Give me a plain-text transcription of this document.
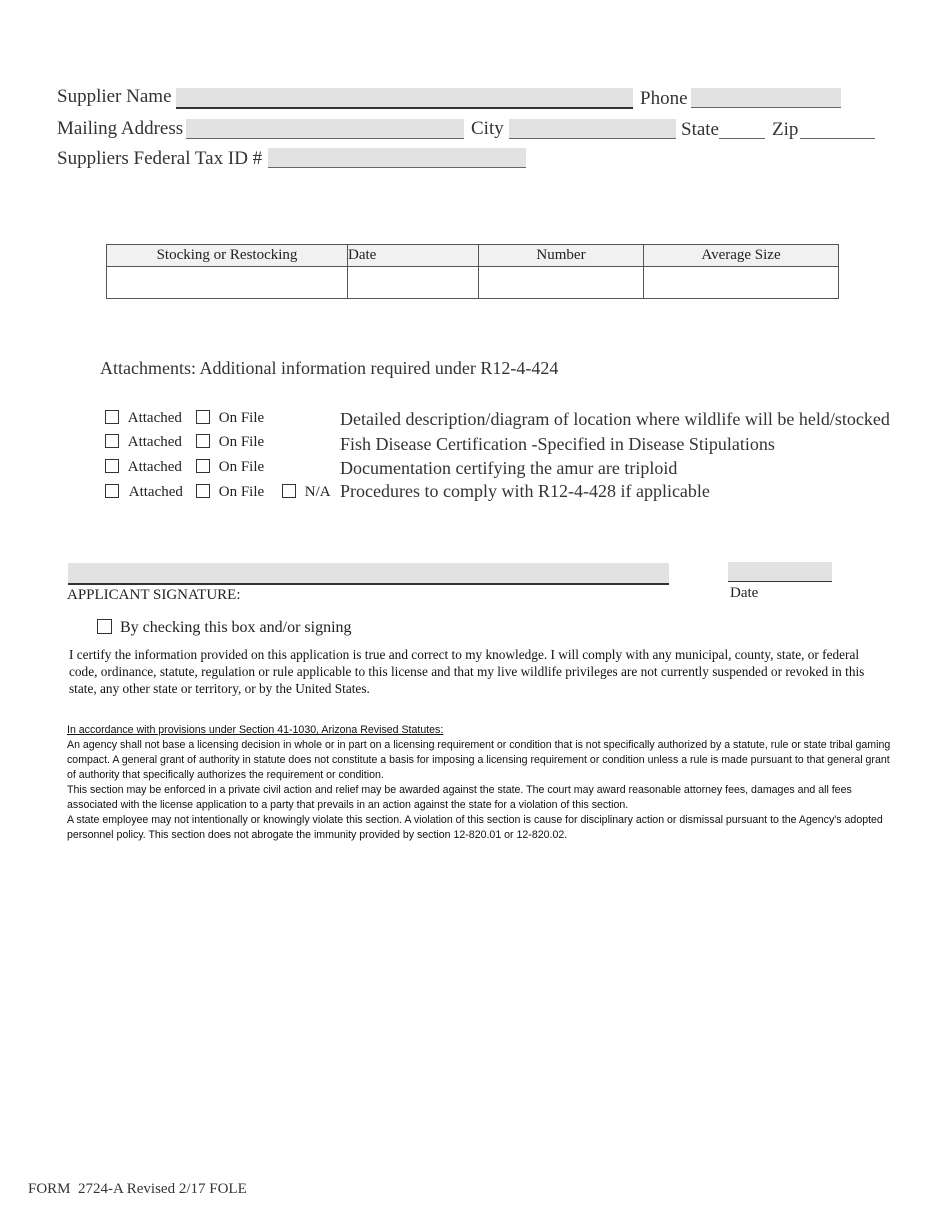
Supplier Name	Phone
Mailing Address	City	State	Zip
Suppliers Federal Tax ID #
Stocking or Restocking	Date	Number	Average Size

Attachments: Additional information required under R12-4-424
Attached	On File	Detailed description/diagram of location where wildlife will be held/stocked
Attached	On File	Fish Disease Certification -Specified in Disease Stipulations
Attached	On File	Documentation certifying the amur are triploid
Attached	On File	N/A Procedures to comply with R12-4-428 if applicable
APPLICANT SIGNATURE:	Date
By checking this box and/or signing
I certify the information provided on this application is true and correct to my knowledge. I will comply with any municipal, county, state, or federal code, ordinance, statute, regulation or rule applicable to this license and that my live wildlife privileges are not currently suspended or revoked in this state, any other state or territory, or by the United States.
In accordance with provisions under Section 41-1030, Arizona Revised Statutes:
An agency shall not base a licensing decision in whole or in part on a licensing requirement or condition that is not specifically authorized by a statute, rule or state tribal gaming compact. A general grant of authority in statute does not constitute a basis for imposing a licensing requirement or condition unless a rule is made pursuant to that general grant of authority that specifically authorizes the requirement or condition.
This section may be enforced in a private civil action and relief may be awarded against the state. The court may award reasonable attorney fees, damages and all fees associated with the license application to a party that prevails in an action against the state for a violation of this section.
A state employee may not intentionally or knowingly violate this section. A violation of this section is cause for disciplinary action or dismissal pursuant to the Agency's adopted personnel policy. This section does not abrogate the immunity provided by section 12-820.01 or 12-820.02.
FORM  2724-A Revised 2/17 FOLE
